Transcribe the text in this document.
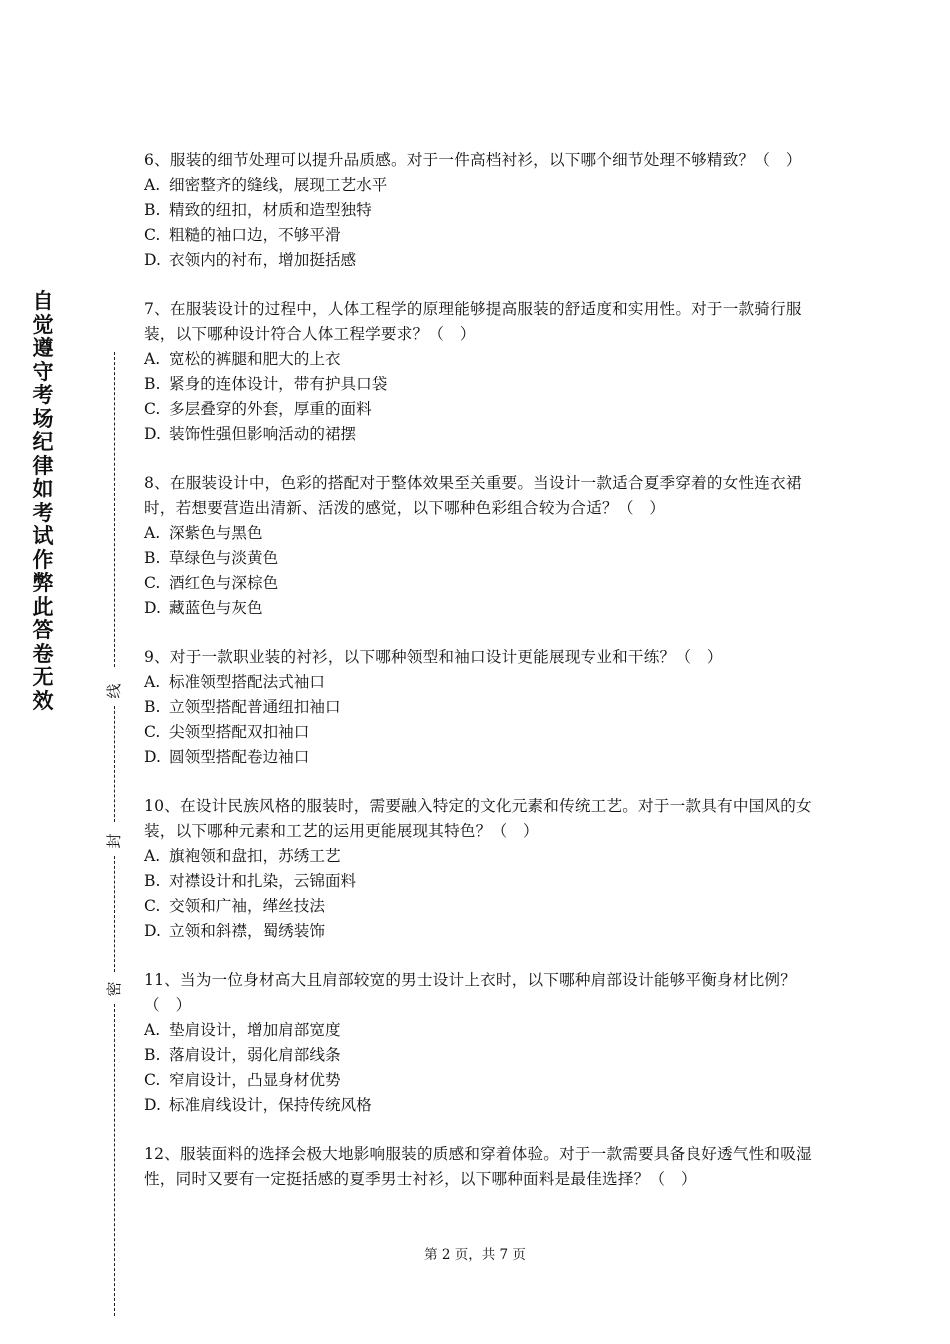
自
觉
遵
守
考
场
纪
律
如
考
试
作
弊
此
答
卷
无
效	线
封
密
6、服装的细节处理可以提升品质感。对于一件高档衬衫，以下哪个细节处理不够精致？（　）
A. 细密整齐的缝线，展现工艺水平
B. 精致的纽扣，材质和造型独特
C. 粗糙的袖口边，不够平滑
D. 衣领内的衬布，增加挺括感
7、在服装设计的过程中，人体工程学的原理能够提高服装的舒适度和实用性。对于一款骑行服装，以下哪种设计符合人体工程学要求？（　）
A. 宽松的裤腿和肥大的上衣
B. 紧身的连体设计，带有护具口袋
C. 多层叠穿的外套，厚重的面料
D. 装饰性强但影响活动的裙摆
8、在服装设计中，色彩的搭配对于整体效果至关重要。当设计一款适合夏季穿着的女性连衣裙时，若想要营造出清新、活泼的感觉，以下哪种色彩组合较为合适？（　）
A. 深紫色与黑色
B. 草绿色与淡黄色
C. 酒红色与深棕色
D. 藏蓝色与灰色
9、对于一款职业装的衬衫，以下哪种领型和袖口设计更能展现专业和干练？（　）
A. 标准领型搭配法式袖口
B. 立领型搭配普通纽扣袖口
C. 尖领型搭配双扣袖口
D. 圆领型搭配卷边袖口
10、在设计民族风格的服装时，需要融入特定的文化元素和传统工艺。对于一款具有中国风的女装，以下哪种元素和工艺的运用更能展现其特色？（　）
A. 旗袍领和盘扣，苏绣工艺
B. 对襟设计和扎染，云锦面料
C. 交领和广袖，缂丝技法
D. 立领和斜襟，蜀绣装饰
11、当为一位身材高大且肩部较宽的男士设计上衣时，以下哪种肩部设计能够平衡身材比例？（　）
A. 垫肩设计，增加肩部宽度
B. 落肩设计，弱化肩部线条
C. 窄肩设计，凸显身材优势
D. 标准肩线设计，保持传统风格
12、服装面料的选择会极大地影响服装的质感和穿着体验。对于一款需要具备良好透气性和吸湿性，同时又要有一定挺括感的夏季男士衬衫，以下哪种面料是最佳选择？（　）
第 2 页，共 7 页
